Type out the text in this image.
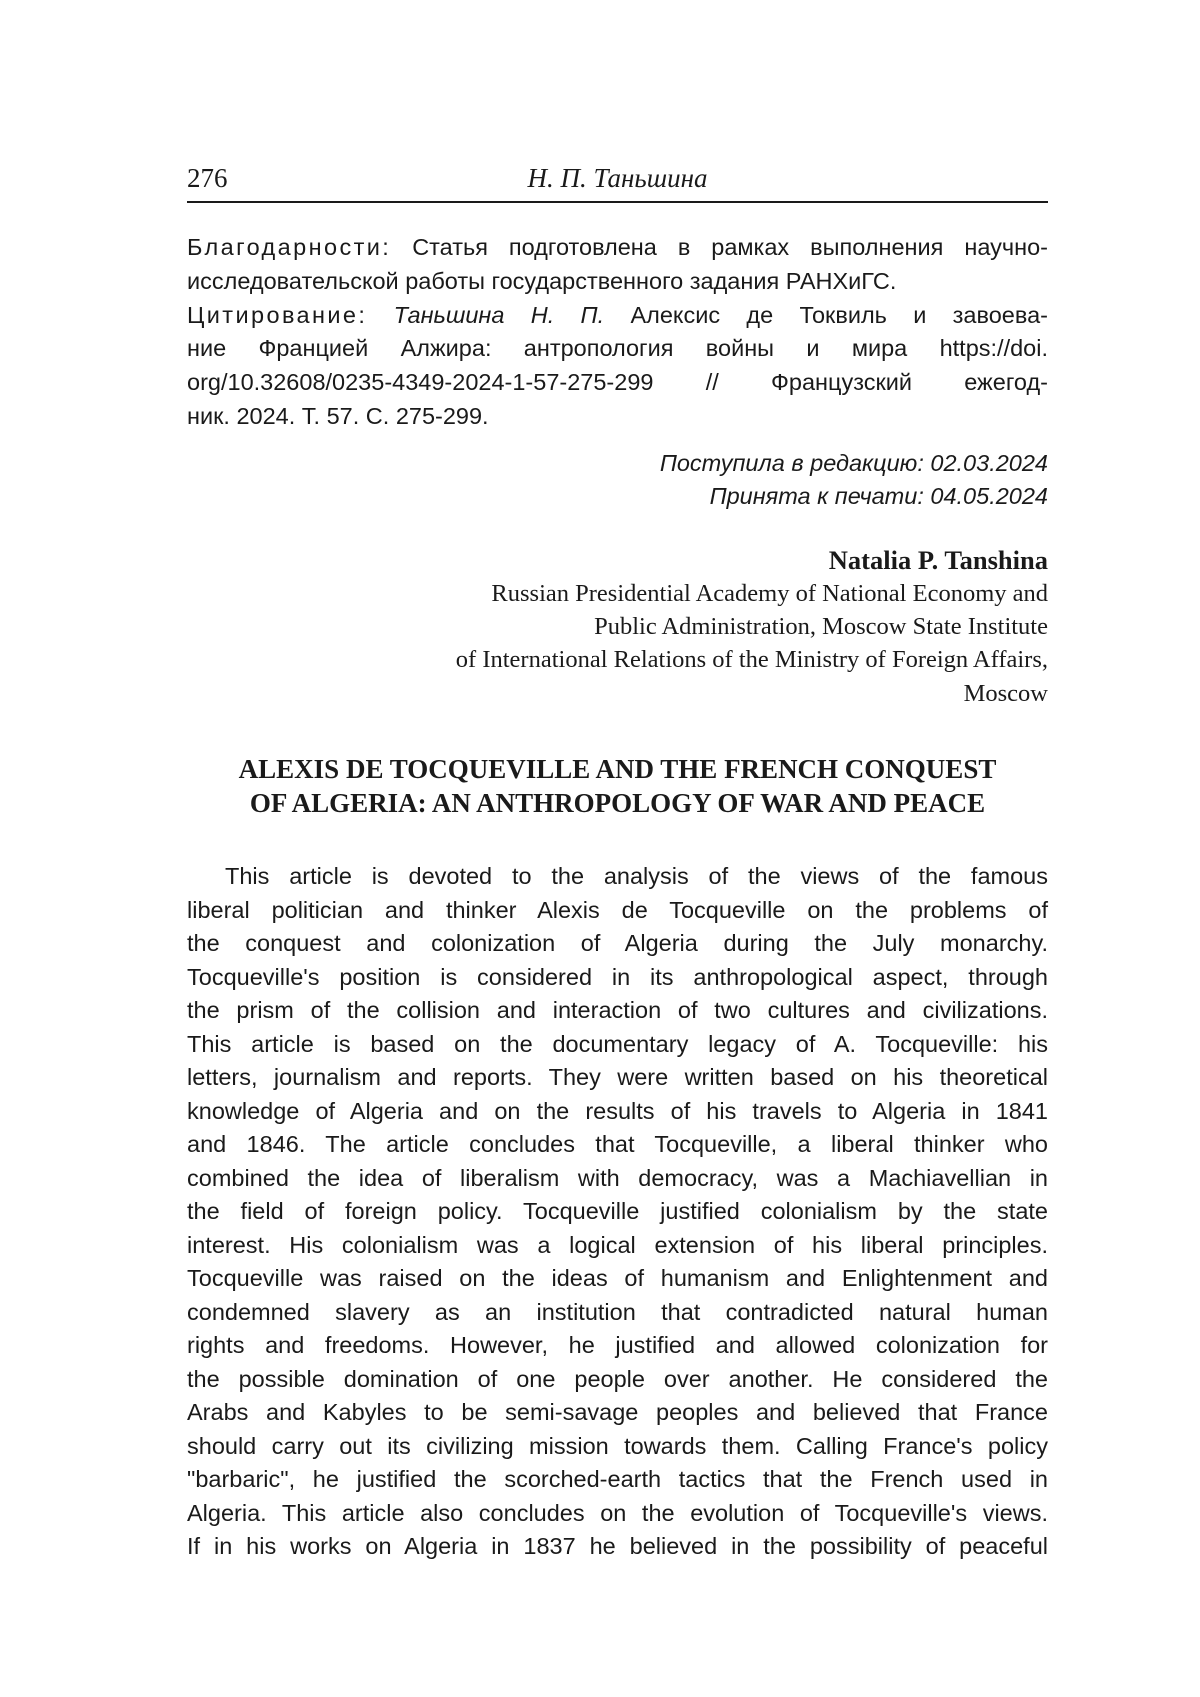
276	Н. П. Таньшина
Благодарности: Статья подготовлена в рамках выполнения научно-
исследовательской работы государственного задания РАНХиГС.
Цитирование: Таньшина Н. П. Алексис де Токвиль и завоева-
ние Францией Алжира: антропология войны и мира https://doi.
org/10.32608/0235-4349-2024-1-57-275-299 // Французский ежегод-
ник. 2024. Т. 57. С. 275-299.
Поступила в редакцию: 02.03.2024
Принята к печати: 04.05.2024
Natalia P. Tanshina
Russian Presidential Academy of National Economy and
Public Administration, Moscow State Institute
of International Relations of the Ministry of Foreign Affairs,
Moscow
ALEXIS DE TOCQUEVILLE AND THE FRENCH CONQUEST
OF ALGERIA: AN ANTHROPOLOGY OF WAR AND PEACE
This article is devoted to the analysis of the views of the famous
liberal politician and thinker Alexis de Tocqueville on the problems of
the conquest and colonization of Algeria during the July monarchy.
Tocqueville's position is considered in its anthropological aspect, through
the prism of the collision and interaction of two cultures and civilizations.
This article is based on the documentary legacy of A. Tocqueville: his
letters, journalism and reports. They were written based on his theoretical
knowledge of Algeria and on the results of his travels to Algeria in 1841
and 1846. The article concludes that Tocqueville, a liberal thinker who
combined the idea of liberalism with democracy, was a Machiavellian in
the field of foreign policy. Tocqueville justified colonialism by the state
interest. His colonialism was a logical extension of his liberal principles.
Tocqueville was raised on the ideas of humanism and Enlightenment and
condemned slavery as an institution that contradicted natural human
rights and freedoms. However, he justified and allowed colonization for
the possible domination of one people over another. He considered the
Arabs and Kabyles to be semi-savage peoples and believed that France
should carry out its civilizing mission towards them. Calling France's policy
"barbaric", he justified the scorched-earth tactics that the French used in
Algeria. This article also concludes on the evolution of Tocqueville's views.
If in his works on Algeria in 1837 he believed in the possibility of peaceful
